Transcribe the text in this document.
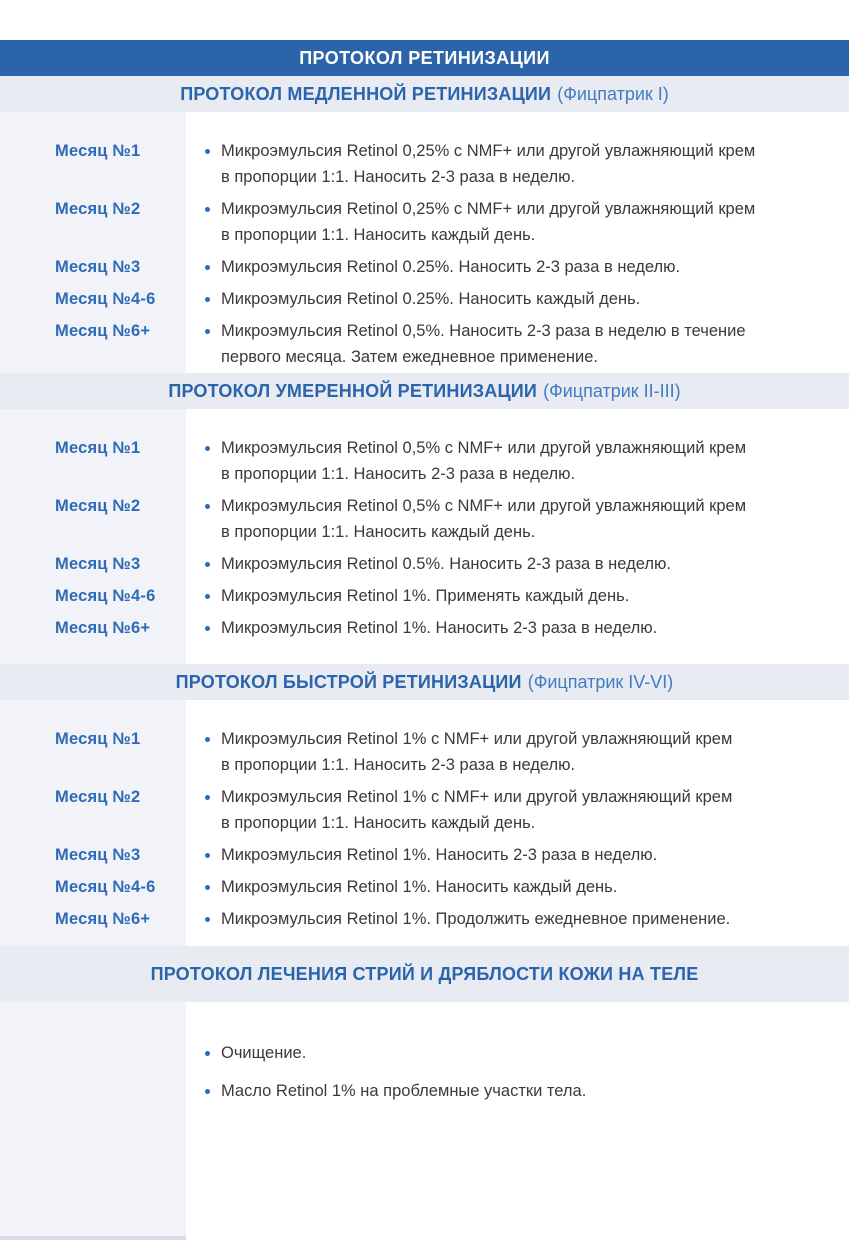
ПРОТОКОЛ РЕТИНИЗАЦИИ
ПРОТОКОЛ МЕДЛЕННОЙ РЕТИНИЗАЦИИ (Фицпатрик I)
Месяц №1	Микроэмульсия Retinol 0,25% с NMF+ или другой увлажняющий крем
в пропорции 1:1. Наносить 2-3 раза в неделю.
Месяц №2	Микроэмульсия Retinol 0,25% с NMF+ или другой увлажняющий крем
в пропорции 1:1. Наносить каждый день.
Месяц №3	Микроэмульсия Retinol 0.25%. Наносить 2-3 раза в неделю.
Месяц №4-6	Микроэмульсия Retinol 0.25%. Наносить каждый день.
Месяц №6+	Микроэмульсия Retinol 0,5%. Наносить 2-3 раза в неделю в течение
первого месяца. Затем ежедневное применение.
ПРОТОКОЛ УМЕРЕННОЙ РЕТИНИЗАЦИИ (Фицпатрик II-III)
Месяц №1	Микроэмульсия Retinol 0,5% с NMF+ или другой увлажняющий крем
в пропорции 1:1. Наносить 2-3 раза в неделю.
Месяц №2	Микроэмульсия Retinol 0,5% с NMF+ или другой увлажняющий крем
в пропорции 1:1. Наносить каждый день.
Месяц №3	Микроэмульсия Retinol 0.5%. Наносить 2-3 раза в неделю.
Месяц №4-6	Микроэмульсия Retinol 1%. Применять каждый день.
Месяц №6+	Микроэмульсия Retinol 1%. Наносить 2-3 раза в неделю.
ПРОТОКОЛ БЫСТРОЙ РЕТИНИЗАЦИИ (Фицпатрик IV-VI)
Месяц №1	Микроэмульсия Retinol 1% с NMF+ или другой увлажняющий крем
в пропорции 1:1. Наносить 2-3 раза в неделю.
Месяц №2	Микроэмульсия Retinol 1% с NMF+ или другой увлажняющий крем
в пропорции 1:1. Наносить каждый день.
Месяц №3	Микроэмульсия Retinol 1%. Наносить 2-3 раза в неделю.
Месяц №4-6	Микроэмульсия Retinol 1%. Наносить каждый день.
Месяц №6+	Микроэмульсия Retinol 1%. Продолжить ежедневное применение.
ПРОТОКОЛ ЛЕЧЕНИЯ СТРИЙ И ДРЯБЛОСТИ КОЖИ НА ТЕЛЕ
Очищение.
Масло Retinol 1% на проблемные участки тела.
